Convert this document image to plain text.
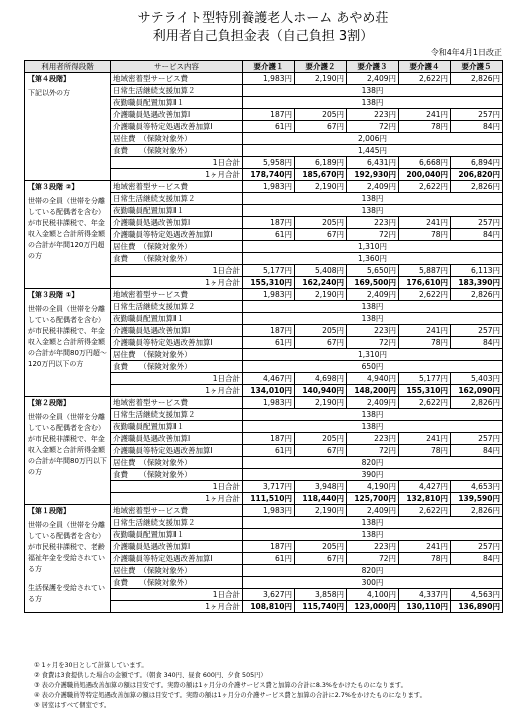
サテライト型特別養護老人ホーム あやめ荘
利用者自己負担金表（自己負担 3割）
令和4年4月1日改正
利用者所得段階	サービス内容	要介護１	要介護２	要介護３	要介護４	要介護５

【第４段階】
下記以外の方	地域密着型サービス費	1,983円	2,190円	2,409円	2,622円	2,826円
	日常生活継続支援加算２	138円				
	夜勤職員配置加算Ⅱ１	138円				
	介護職員処遇改善加算Ⅰ	187円	205円	223円	241円	257円
	介護職員等特定処遇改善加算Ⅰ	61円	67円	72円	78円	84円
	居住費　（保険対象外）	2,006円				
	食費　　（保険対象外）	1,445円				
	1日合計	5,958円	6,189円	6,431円	6,668円	6,894円
	1ヶ月合計	178,740円	185,670円	192,930円	200,040円	206,820円

【第３段階 ②】
世帯の全員（世帯を分離している配偶者を含む）が市民税非課税で、年金収入金額と合計所得金額の合計が年間120万円超の方	地域密着型サービス費	1,983円	2,190円	2,409円	2,622円	2,826円
	日常生活継続支援加算２	138円				
	夜勤職員配置加算Ⅱ１	138円				
	介護職員処遇改善加算Ⅰ	187円	205円	223円	241円	257円
	介護職員等特定処遇改善加算Ⅰ	61円	67円	72円	78円	84円
	居住費　（保険対象外）	1,310円				
	食費　　（保険対象外）	1,360円				
	1日合計	5,177円	5,408円	5,650円	5,887円	6,113円
	1ヶ月合計	155,310円	162,240円	169,500円	176,610円	183,390円

【第３段階 ①】
世帯の全員（世帯を分離している配偶者を含む）が市民税非課税で、年金収入金額と合計所得金額の合計が年間80万円超～120万円以下の方	地域密着型サービス費	1,983円	2,190円	2,409円	2,622円	2,826円
	日常生活継続支援加算２	138円				
	夜勤職員配置加算Ⅱ１	138円				
	介護職員処遇改善加算Ⅰ	187円	205円	223円	241円	257円
	介護職員等特定処遇改善加算Ⅰ	61円	67円	72円	78円	84円
	居住費　（保険対象外）	1,310円				
	食費　　（保険対象外）	650円				
	1日合計	4,467円	4,698円	4,940円	5,177円	5,403円
	1ヶ月合計	134,010円	140,940円	148,200円	155,310円	162,090円

【第２段階】
世帯の全員（世帯を分離している配偶者を含む）が市民税非課税で、年金収入金額と合計所得金額の合計が年間80万円以下の方	地域密着型サービス費	1,983円	2,190円	2,409円	2,622円	2,826円
	日常生活継続支援加算２	138円				
	夜勤職員配置加算Ⅱ１	138円				
	介護職員処遇改善加算Ⅰ	187円	205円	223円	241円	257円
	介護職員等特定処遇改善加算Ⅰ	61円	67円	72円	78円	84円
	居住費　（保険対象外）	820円				
	食費　　（保険対象外）	390円				
	1日合計	3,717円	3,948円	4,190円	4,427円	4,653円
	1ヶ月合計	111,510円	118,440円	125,700円	132,810円	139,590円

【第１段階】
世帯の全員（世帯を分離している配偶者を含む）が市民税非課税で、老齢福祉年金を受給されている方
生活保護を受給されている方	地域密着型サービス費	1,983円	2,190円	2,409円	2,622円	2,826円
	日常生活継続支援加算２	138円				
	夜勤職員配置加算Ⅱ１	138円				
	介護職員処遇改善加算Ⅰ	187円	205円	223円	241円	257円
	介護職員等特定処遇改善加算Ⅰ	61円	67円	72円	78円	84円
	居住費　（保険対象外）	820円				
	食費　　（保険対象外）	300円				
	1日合計	3,627円	3,858円	4,100円	4,337円	4,563円
	1ヶ月合計	108,810円	115,740円	123,000円	130,110円	136,890円
① 1ヶ月を30日として計算しています。
② 食費は3食提供した場合の金額です。（朝食 340円、昼食 600円、夕食 505円）
③ 表の介護職員処遇改善加算の額は目安です。実際の額は1ヶ月分の介護サービス費と加算の合計に8.3%をかけたものになります。
④ 表の介護職員等特定処遇改善加算の額は目安です。実際の額は1ヶ月分の介護サービス費と加算の合計に2.7%をかけたものになります。
⑤ 居室はすべて個室です。
